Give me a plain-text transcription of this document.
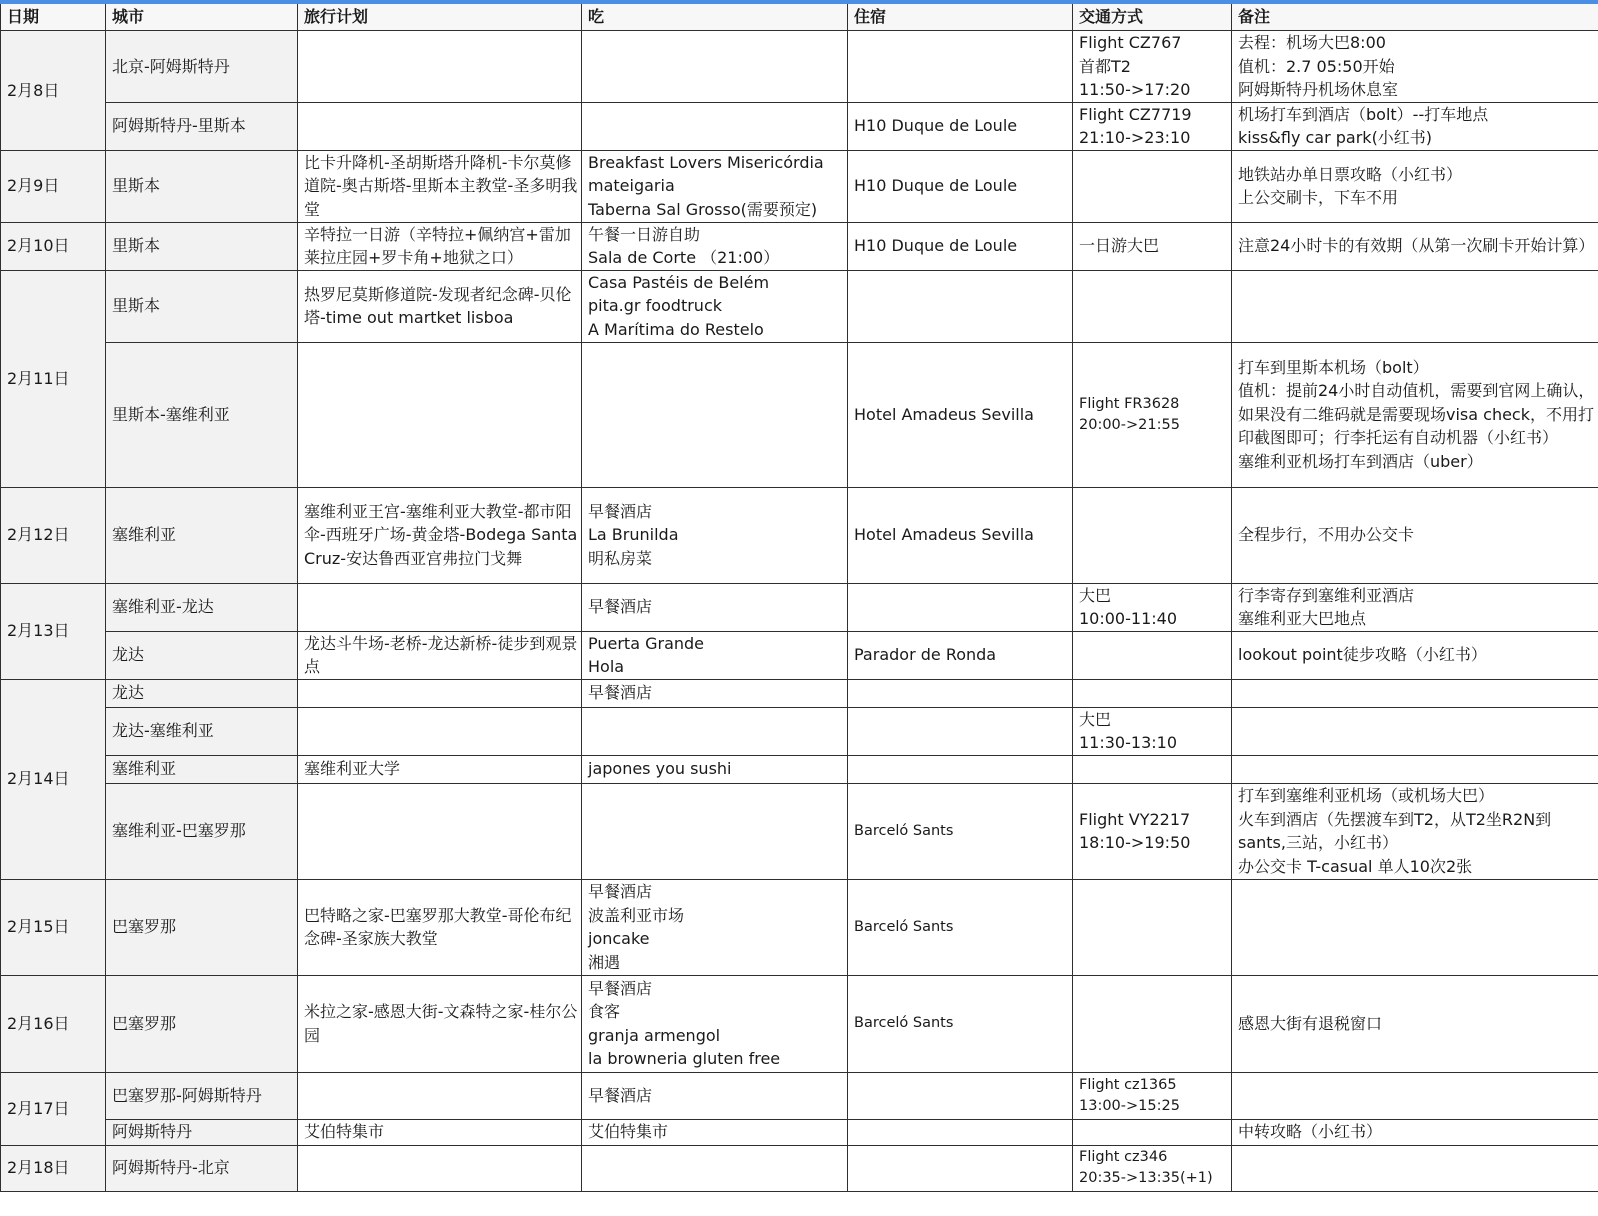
日期	城市	旅行计划	吃	住宿	交通方式	备注
2月8日	北京-阿姆斯特丹				Flight CZ767
首都T2
11:50->17:20	去程：机场大巴8:00
值机：2.7 05:50开始
阿姆斯特丹机场休息室

	阿姆斯特丹-里斯本			H10 Duque de Loule	Flight CZ7719
21:10->23:10	机场打车到酒店（bolt）--打车地点
kiss&fly car park(小红书)

2月9日	里斯本	比卡升降机-圣胡斯塔升降机-卡尔莫修道院-奥古斯塔-里斯本主教堂-圣多明我堂	Breakfast Lovers Misericórdia
mateigaria
Taberna Sal Grosso(需要预定)	H10 Duque de Loule		地铁站办单日票攻略（小红书）
上公交刷卡，下车不用

2月10日	里斯本	辛特拉一日游（辛特拉+佩纳宫+雷加莱拉庄园+罗卡角+地狱之口）	午餐一日游自助
Sala de Corte （21:00）	H10 Duque de Loule	一日游大巴	注意24小时卡的有效期（从第一次刷卡开始计算）

2月11日	里斯本	热罗尼莫斯修道院-发现者纪念碑-贝伦塔-time out martket lisboa	Casa Pastéis de Belém
pita.gr foodtruck
A Marítima do Restelo			

	里斯本-塞维利亚			Hotel Amadeus Sevilla	Flight FR3628
20:00->21:55	打车到里斯本机场（bolt）
值机：提前24小时自动值机，需要到官网上确认，如果没有二维码就是需要现场visa check，不用打印截图即可；行李托运有自动机器（小红书）
塞维利亚机场打车到酒店（uber）

2月12日	塞维利亚	塞维利亚王宫-塞维利亚大教堂-都市阳伞-西班牙广场-黄金塔-Bodega Santa Cruz-安达鲁西亚宫弗拉门戈舞	早餐酒店
La Brunilda
明私房菜	Hotel Amadeus Sevilla		全程步行，不用办公交卡

2月13日	塞维利亚-龙达		早餐酒店		大巴
10:00-11:40	行李寄存到塞维利亚酒店
塞维利亚大巴地点

	龙达	龙达斗牛场-老桥-龙达新桥-徒步到观景点	Puerta Grande
Hola	Parador de Ronda		lookout point徒步攻略（小红书）

2月14日	龙达		早餐酒店			

	龙达-塞维利亚				大巴
11:30-13:10	

	塞维利亚	塞维利亚大学	japones you sushi			

	塞维利亚-巴塞罗那			Barceló Sants	Flight VY2217
18:10->19:50	打车到塞维利亚机场（或机场大巴）
火车到酒店（先摆渡车到T2，从T2坐R2N到sants,三站，小红书）
办公交卡 T-casual 单人10次2张

2月15日	巴塞罗那	巴特略之家-巴塞罗那大教堂-哥伦布纪念碑-圣家族大教堂	早餐酒店
波盖利亚市场
joncake
湘遇	Barceló Sants		
2月16日	巴塞罗那	米拉之家-感恩大街-文森特之家-桂尔公园	早餐酒店
食客
granja armengol
la browneria gluten free	Barceló Sants		感恩大街有退税窗口

2月17日	巴塞罗那-阿姆斯特丹		早餐酒店		Flight cz1365
13:00->15:25	

	阿姆斯特丹	艾伯特集市	艾伯特集市			中转攻略（小红书）

2月18日	阿姆斯特丹-北京				Flight cz346
20:35->13:35(+1)	
